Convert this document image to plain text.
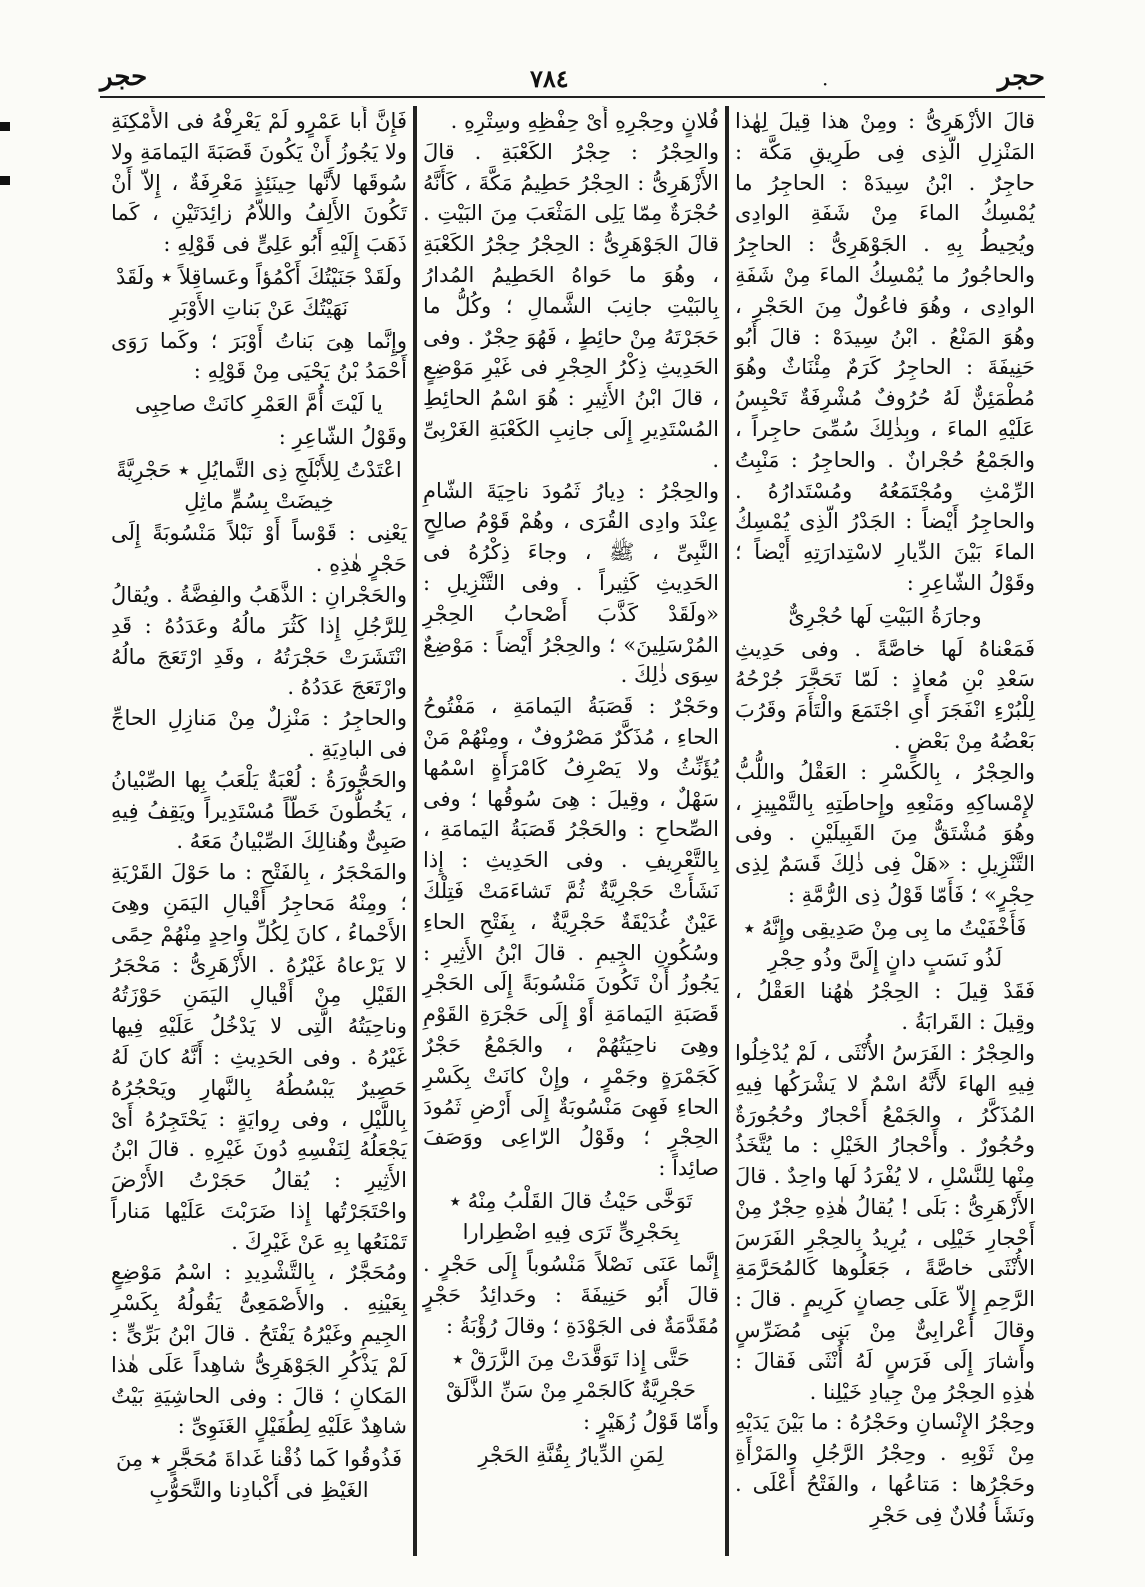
حجر
·
٧٨٤
حجر

قالَ الأزْهَرِىُّ : ومِنْ هذا قِيلَ لِهٰذا المَنْزِلِ الّذِى فِى طَرِيقِ مَكَّة : حاجِرٌ . ابْنُ سِيدَهْ : الحاجِرُ ما يُمْسِكُ الماءَ مِنْ شَفَةِ الوادِى ويُحِيطُ بِهِ . الجَوْهَرِىُّ : الحاجِرُ والحاجُورُ ما يُمْسِكُ الماءَ مِنْ شَفَةِ الوادِى ، وهُوَ فاعُولٌ مِنَ الحَجْرِ ، وهُوَ المَنْعُ . ابْنُ سِيدَهْ : قالَ أَبُو حَنِيفَةَ : الحاجِرُ كَرَمٌ مِئْنَاثٌ وهُوَ مُطْمَئِنٌّ لَهُ حُرُوفٌ مُشْرِفَةٌ تَحْبِسُ عَلَيْهِ الماءَ ، وبِذٰلِكَ سُمِّىَ حاجِراً ، والجَمْعُ حُجْرانٌ . والحاجِرُ : مَنْبِتُ الرِّمْثِ ومُجْتَمَعُهُ ومُسْتَدارُهُ . والحاجِرُ أَيْضاً : الجَدْرُ الّذِى يُمْسِكُ الماءَ بَيْنَ الدِّيارِ لاسْتِدارَتِهِ أَيْضاً ؛ وقَوْلُ الشّاعِرِ :

وجارَةُ البَيْتِ لَها حُجْرِىٌّ

فَمَعْناهُ لَها خاصَّةً . وفى حَدِيثِ سَعْدِ بْنِ مُعاذٍ : لَمّا تَحَجَّرَ جُرْحُهُ لِلْبُرْءِ انْفَجَرَ أَىِ اجْتَمَعَ والْتَأَمَ وقَرُبَ بَعْضُهُ مِنْ بَعْضٍ .

والحِجْرُ ، بِالكَسْرِ : العَقْلُ واللُّبُّ لإِمْساكِهِ ومَنْعِهِ وإِحاطَتِهِ بِالتَّمْيِيزِ ، وهُوَ مُشْتَقٌّ مِنَ القَبِيلَيْنِ . وفى التَّنْزِيلِ : «هَلْ فِى ذٰلِكَ قَسَمٌ لِذِى حِجْرٍ» ؛ فَأَمّا قَوْلُ ذِى الرُّمَّةِ :

فَأَخْفَيْتُ ما بِى مِنْ صَدِيقِى وإِنَّهُ ٭ لَذُو نَسَبٍ دانٍ إِلَىَّ وذُو حِجْرِ

فَقَدْ قِيلَ : الحِجْرُ هٰهُنا العَقْلُ ، وقِيلَ : القَرابَةُ .

والحِجْرُ : الفَرَسُ الأُنْثَى ، لَمْ يُدْخِلُوا فِيهِ الهاءَ لأَنَّهُ اسْمٌ لا يَشْرَكُها فِيهِ المُذَكَّرُ ، والجَمْعُ أَحْجارٌ وحُجُورَةٌ وحُجُورٌ . وأَحْجارُ الخَيْلِ : ما يُتَّخَذُ مِنْها لِلنَّسْلِ ، لا يُفْرَدُ لَها واحِدٌ . قالَ الأَزْهَرِىُّ : بَلَى ! يُقالُ هٰذِهِ حِجْرٌ مِنْ أَحْجارِ خَيْلِى ، يُرِيدُ بِالحِجْرِ الفَرَسَ الأُنْثَى خاصَّةً ، جَعَلُوها كَالمُحَرَّمَةِ الرَّحِمِ إِلاّ عَلَى حِصانٍ كَرِيمٍ . قالَ : وقالَ أَعْرابِىٌّ مِنْ بَنِى مُضَرِّسٍ وأَشارَ إِلَى فَرَسٍ لَهُ أُنْثَى فَقالَ : هٰذِهِ الحِجْرُ مِنْ جِيادِ خَيْلِنا .

وحِجْرُ الإِنْسانِ وحَجْرُهُ : ما بَيْنَ يَدَيْهِ مِنْ ثَوْبِهِ . وحِجْرُ الرَّجُلِ والمَرْأَةِ وحَجْرُها : مَتاعُها ، والفَتْحُ أَعْلَى . ونَشَأَ فُلانٌ فِى حَجْرِ

فُلانٍ وحِجْرِهِ أَىْ حِفْظِهِ وسِتْرِهِ .

والحِجْرُ : حِجْرُ الكَعْبَةِ . قالَ الأَزْهَرِىُّ : الحِجْرُ حَطِيمُ مَكَّةَ ، كَأَنَّهُ حُجْرَةٌ مِمّا يَلِى المَثْعَبَ مِنَ البَيْتِ . قالَ الجَوْهَرِىُّ : الحِجْرُ حِجْرُ الكَعْبَةِ ، وهُوَ ما حَواهُ الحَطِيمُ المُدارُ بِالبَيْتِ جانِبَ الشَّمالِ ؛ وكُلُّ ما حَجَرْتَهُ مِنْ حائِطٍ ، فَهُوَ حِجْرٌ . وفى الحَدِيثِ ذِكْرُ الحِجْرِ فى غَيْرِ مَوْضِعٍ ، قالَ ابْنُ الأَثِيرِ : هُوَ اسْمُ الحائِطِ المُسْتَدِيرِ إِلَى جانِبِ الكَعْبَةِ الغَرْبِىِّ .

والحِجْرُ : دِيارُ ثَمُودَ ناحِيَةَ الشّامِ عِنْدَ وادِى القُرَى ، وهُمْ قَوْمُ صالِحٍ النَّبِىِّ ، ﷺ ، وجاءَ ذِكْرُهُ فى الحَدِيثِ كَثِيراً . وفى التَّنْزِيلِ : «ولَقَدْ كَذَّبَ أَصْحابُ الحِجْرِ المُرْسَلِينَ» ؛ والحِجْرُ أَيْضاً : مَوْضِعٌ سِوَى ذٰلِكَ .

وحَجْرٌ : قَصَبَةُ اليَمامَةِ ، مَفْتُوحُ الحاءِ ، مُذَكَّرٌ مَصْرُوفٌ ، ومِنْهُمْ مَنْ يُؤَنِّثُ ولا يَصْرِفُ كَامْرَأَةٍ اسْمُها سَهْلٌ ، وقِيلَ : هِىَ سُوقُها ؛ وفى الصِّحاحِ : والحَجْرُ قَصَبَةُ اليَمامَةِ ، بِالتَّعْرِيفِ . وفى الحَدِيثِ : إِذا نَشَأَتْ حَجْرِيَّةٌ ثُمَّ تَشاءَمَتْ فَتِلْكَ عَيْنٌ غُدَيْقَةٌ حَجْرِيَّةٌ ، بِفَتْحِ الحاءِ وسُكُونِ الجِيمِ . قالَ ابْنُ الأَثِيرِ : يَجُوزُ أَنْ تَكُونَ مَنْسُوبَةً إِلَى الحَجْرِ قَصَبَةِ اليَمامَةِ أَوْ إِلَى حَجْرَةِ القَوْمِ وهِىَ ناحِيَتُهُمْ ، والجَمْعُ حَجْرٌ كَجَمْرَةٍ وجَمْرٍ ، وإِنْ كانَتْ بِكَسْرِ الحاءِ فَهِىَ مَنْسُوبَةٌ إِلَى أَرْضِ ثَمُودَ الحِجْرِ ؛ وقَوْلُ الرّاعِى ووَصَفَ صائِداً :

تَوَخَّى حَيْثُ قالَ القَلْبُ مِنْهُ ٭ بِحَجْرِىٍّ تَرَى فِيهِ اضْطِرارا

إِنَّما عَنَى نَصْلاً مَنْسُوباً إِلَى حَجْرٍ . قالَ أَبُو حَنِيفَةَ : وحَدائِدُ حَجْرٍ مُقَدَّمَةٌ فى الجَوْدَةِ ؛ وقالَ رُؤْبَةُ :

حَتَّى إِذا تَوَقَّدَتْ مِنَ الزَّرَقْ ٭ حَجْرِيَّةٌ كَالجَمْرِ مِنْ سَنِّ الذَّلَقْ

وأَمّا قَوْلُ زُهَيْرٍ :

لِمَنِ الدِّيارُ بِقُنَّةِ الحَجْرِ

فَإِنَّ أَبا عَمْرٍو لَمْ يَعْرِفْهُ فى الأَمْكِنَةِ ولا يَجُوزُ أَنْ يَكُونَ قَصَبَةَ اليَمامَةِ ولا سُوقَها لأَنَّها حِينَئِذٍ مَعْرِفَةٌ ، إِلاّ أَنْ تَكُونَ الأَلِفُ واللاّمُ زائِدَتَيْنِ ، كَما ذَهَبَ إِلَيْهِ أَبُو عَلِىٍّ فى قَوْلِهِ :

ولَقَدْ جَنَيْتُكَ أَكْمُؤاً وعَساقِلاً ٭ ولَقَدْ نَهَيْتُكَ عَنْ بَناتِ الأَوْبَرِ

وإِنَّما هِىَ بَناتُ أَوْبَرَ ؛ وكَما رَوَى أَحْمَدُ بْنُ يَحْيَى مِنْ قَوْلِهِ :

يا لَيْتَ أُمَّ العَمْرِ كانَتْ صاحِبِى

وقَوْلُ الشّاعِرِ :

اعْتَدْتُ لِلأَبْلَجِ ذِى التَّمايُلِ ٭ حَجْرِيَّةً خِيضَتْ بِسُمٍّ ماثِلِ

يَعْنِى : قَوْساً أَوْ نَبْلاً مَنْسُوبَةً إِلَى حَجْرٍ هٰذِهِ .

والحَجْرانِ : الذَّهَبُ والفِضَّةُ . ويُقالُ لِلرَّجُلِ إِذا كَثُرَ مالُهُ وعَدَدُهُ : قَدِ انْتَشَرَتْ حَجْرَتُهُ ، وقَدِ ارْتَعَجَ مالُهُ وارْتَعَجَ عَدَدُهُ .

والحاجِرُ : مَنْزِلٌ مِنْ مَنازِلِ الحاجِّ فى البادِيَةِ .

والحَجُّورَةُ : لُعْبَةٌ يَلْعَبُ بِها الصِّبْيانُ ، يَخُطُّونَ خَطّاً مُسْتَدِيراً ويَقِفُ فِيهِ صَبِىٌّ وهُنالِكَ الصِّبْيانُ مَعَهُ .

والمَحْجَرُ ، بِالفَتْحِ : ما حَوْلَ القَرْيَةِ ؛ ومِنْهُ مَحاجِرُ أَقْيالِ اليَمَنِ وهِىَ الأَحْماءُ ، كانَ لِكُلِّ واحِدٍ مِنْهُمْ حِمًى لا يَرْعاهُ غَيْرُهُ . الأَزْهَرِىُّ : مَحْجَرُ القَيْلِ مِنْ أَقْيالِ اليَمَنِ حَوْزَتُهُ وناحِيَتُهُ الَّتِى لا يَدْخُلُ عَلَيْهِ فِيها غَيْرُهُ . وفى الحَدِيثِ : أَنَّهُ كانَ لَهُ حَصِيرٌ يَبْسُطُهُ بِالنَّهارِ ويَحْجُرُهُ بِاللَّيْلِ ، وفى رِوايَةٍ : يَحْتَجِرُهُ أَىْ يَجْعَلُهُ لِنَفْسِهِ دُونَ غَيْرِهِ . قالَ ابْنُ الأَثِيرِ : يُقالُ حَجَرْتُ الأَرْضَ واحْتَجَرْتُها إِذا ضَرَبْتَ عَلَيْها مَناراً تَمْنَعُها بِهِ عَنْ غَيْرِكَ .

ومُحَجَّرٌ ، بِالتَّشْدِيدِ : اسْمُ مَوْضِعٍ بِعَيْنِهِ . والأَصْمَعِىُّ يَقُولُهُ بِكَسْرِ الجِيمِ وغَيْرُهُ يَفْتَحُ . قالَ ابْنُ بَرِّىٍّ : لَمْ يَذْكُرِ الجَوْهَرِىُّ شاهِداً عَلَى هٰذا المَكانِ ؛ قالَ : وفى الحاشِيَةِ بَيْتٌ شاهِدٌ عَلَيْهِ لِطُفَيْلٍ الغَنَوِىِّ :

فَذُوقُوا كَما ذُقْنا غَداةَ مُحَجَّرٍ ٭ مِنَ الغَيْظِ فى أَكْبادِنا والتَّحَوُّبِ
